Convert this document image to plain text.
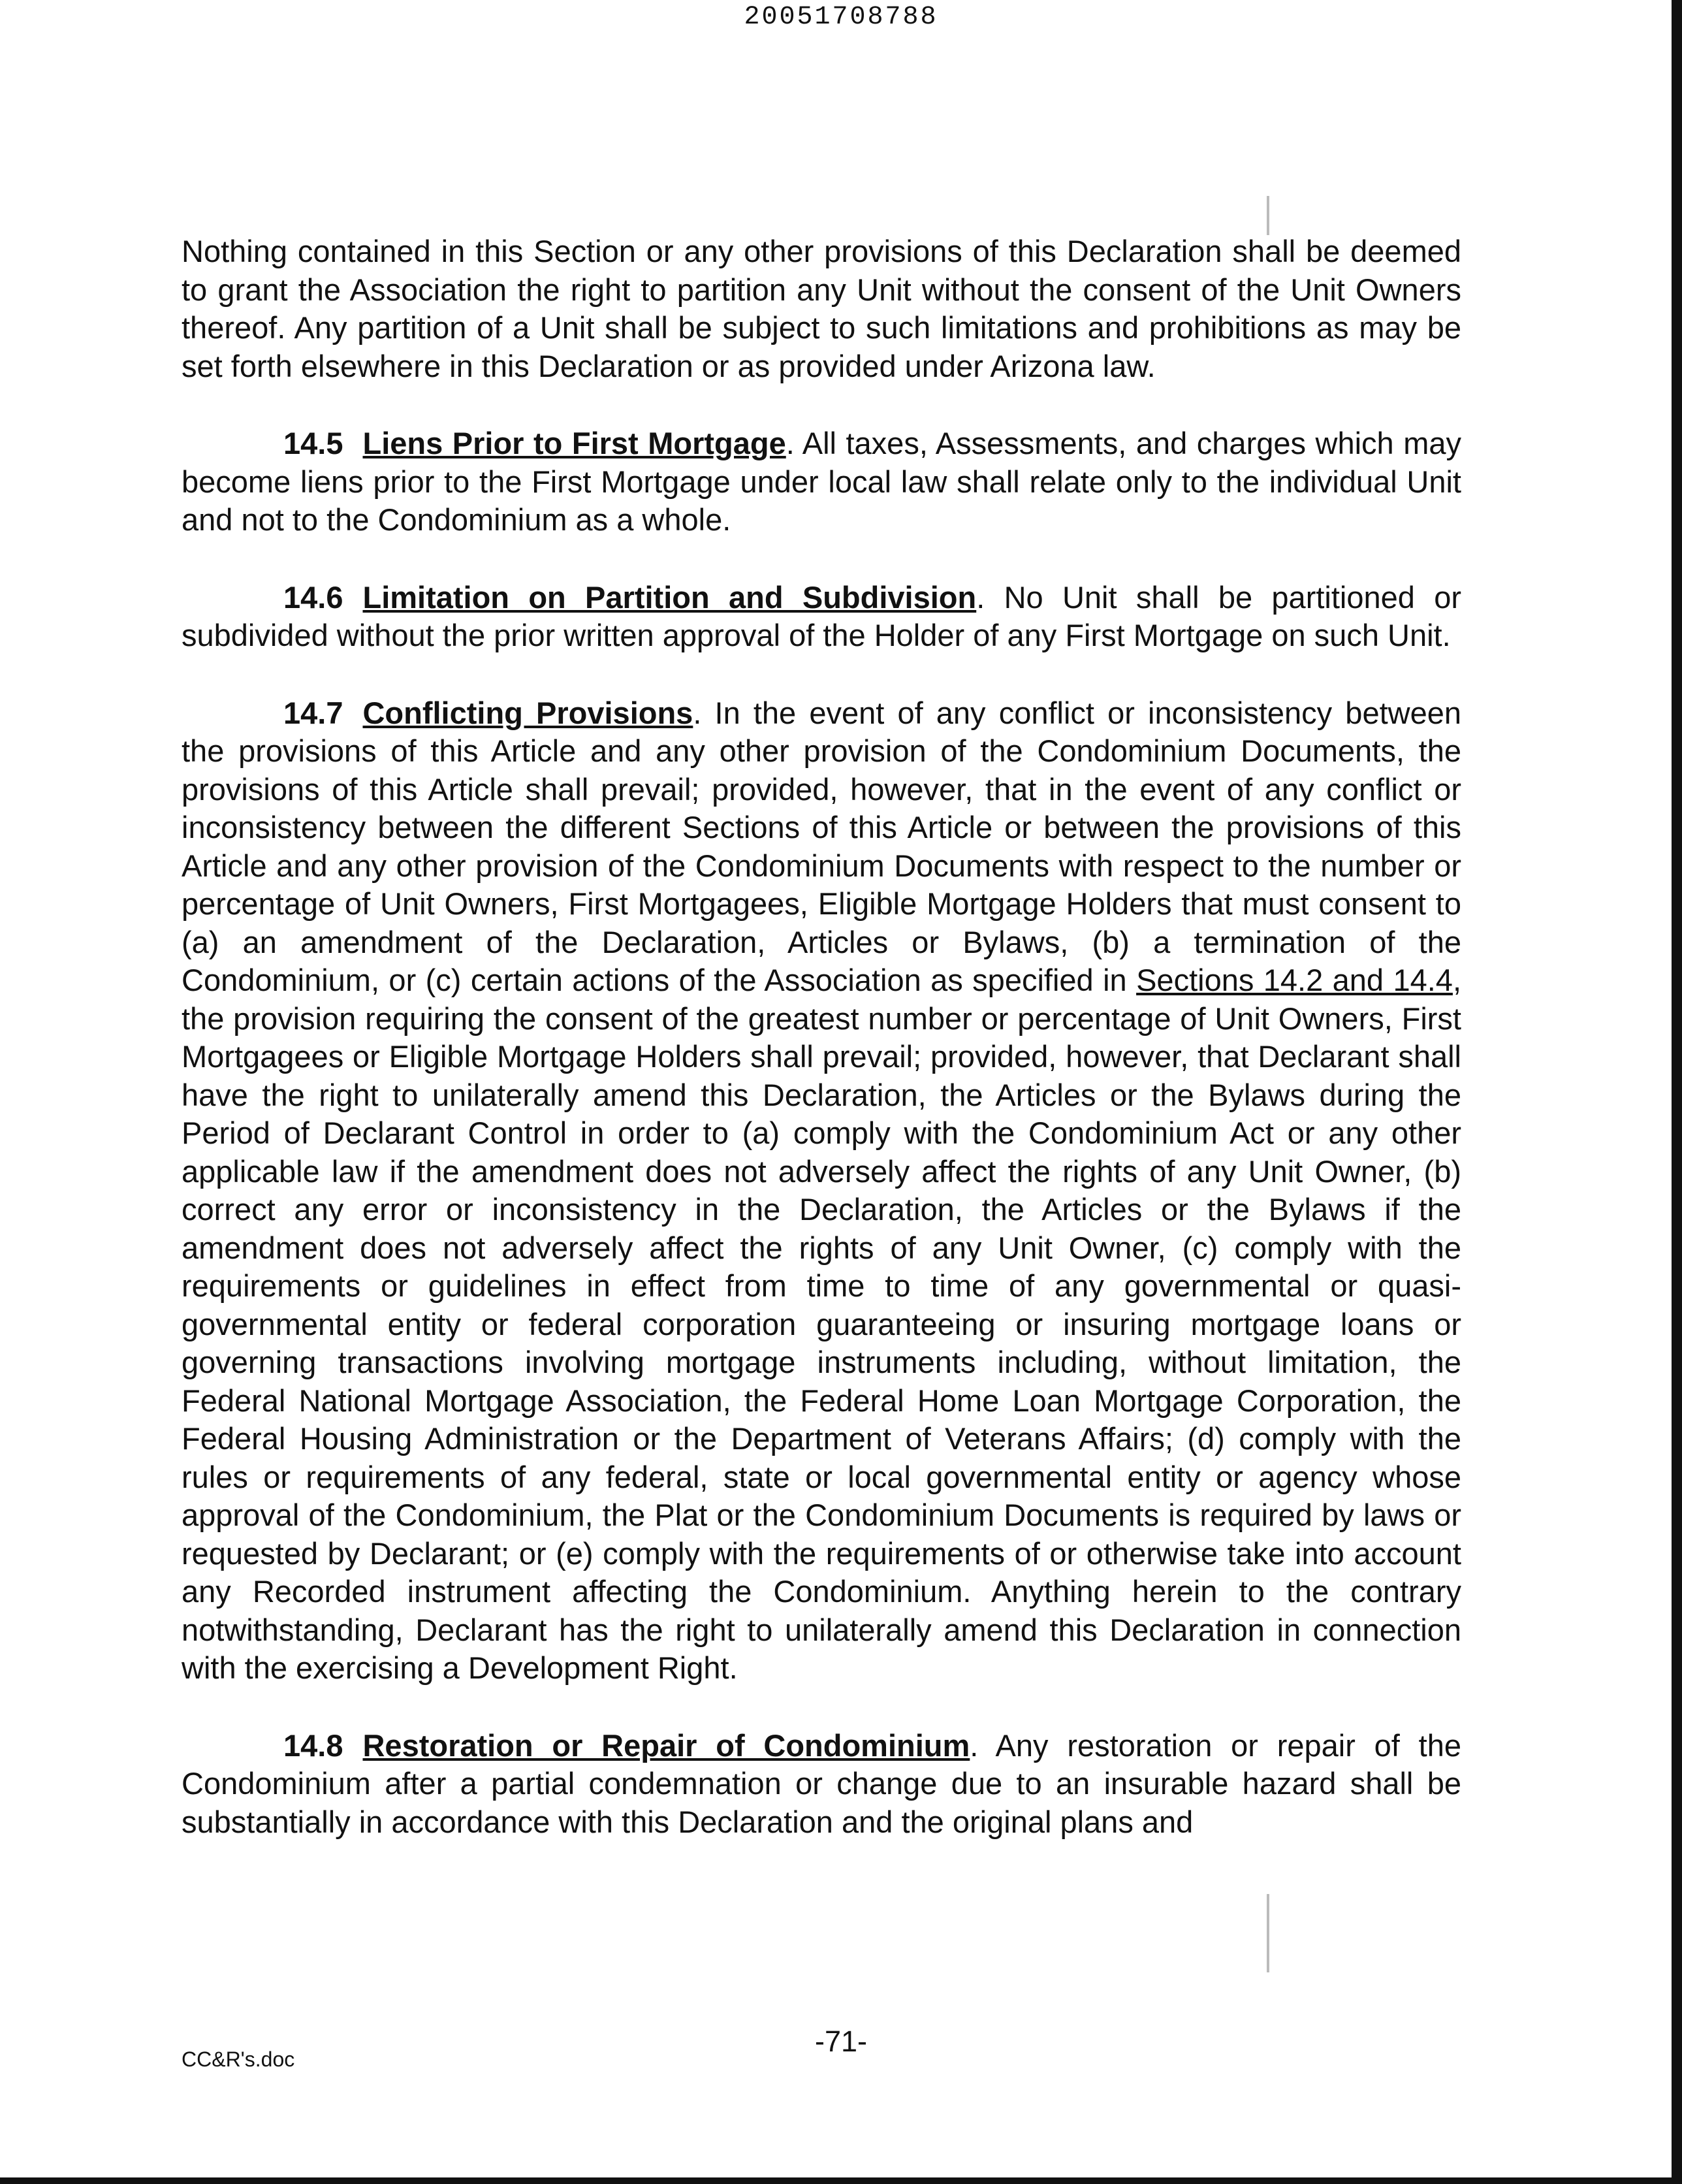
20051708788

Nothing contained in this Section or any other provisions of this Declaration shall be deemed to grant the Association the right to partition any Unit without the consent of the Unit Owners thereof. Any partition of a Unit shall be subject to such limitations and prohibitions as may be set forth elsewhere in this Declaration or as provided under Arizona law.

14.5 Liens Prior to First Mortgage. All taxes, Assessments, and charges which may become liens prior to the First Mortgage under local law shall relate only to the individual Unit and not to the Condominium as a whole.

14.6 Limitation on Partition and Subdivision. No Unit shall be partitioned or subdivided without the prior written approval of the Holder of any First Mortgage on such Unit.

14.7 Conflicting Provisions. In the event of any conflict or inconsistency between the provisions of this Article and any other provision of the Condominium Documents, the provisions of this Article shall prevail; provided, however, that in the event of any conflict or inconsistency between the different Sections of this Article or between the provisions of this Article and any other provision of the Condominium Documents with respect to the number or percentage of Unit Owners, First Mortgagees, Eligible Mortgage Holders that must consent to (a) an amendment of the Declaration, Articles or Bylaws, (b) a termination of the Condominium, or (c) certain actions of the Association as specified in Sections 14.2 and 14.4, the provision requiring the consent of the greatest number or percentage of Unit Owners, First Mortgagees or Eligible Mortgage Holders shall prevail; provided, however, that Declarant shall have the right to unilaterally amend this Declaration, the Articles or the Bylaws during the Period of Declarant Control in order to (a) comply with the Condominium Act or any other applicable law if the amendment does not adversely affect the rights of any Unit Owner, (b) correct any error or inconsistency in the Declaration, the Articles or the Bylaws if the amendment does not adversely affect the rights of any Unit Owner, (c) comply with the requirements or guidelines in effect from time to time of any governmental or quasi-governmental entity or federal corporation guaranteeing or insuring mortgage loans or governing transactions involving mortgage instruments including, without limitation, the Federal National Mortgage Association, the Federal Home Loan Mortgage Corporation, the Federal Housing Administration or the Department of Veterans Affairs; (d) comply with the rules or requirements of any federal, state or local governmental entity or agency whose approval of the Condominium, the Plat or the Condominium Documents is required by laws or requested by Declarant; or (e) comply with the requirements of or otherwise take into account any Recorded instrument affecting the Condominium. Anything herein to the contrary notwithstanding, Declarant has the right to unilaterally amend this Declaration in connection with the exercising a Development Right.

14.8 Restoration or Repair of Condominium. Any restoration or repair of the Condominium after a partial condemnation or change due to an insurable hazard shall be substantially in accordance with this Declaration and the original plans and

CC&R's.doc
-71-
